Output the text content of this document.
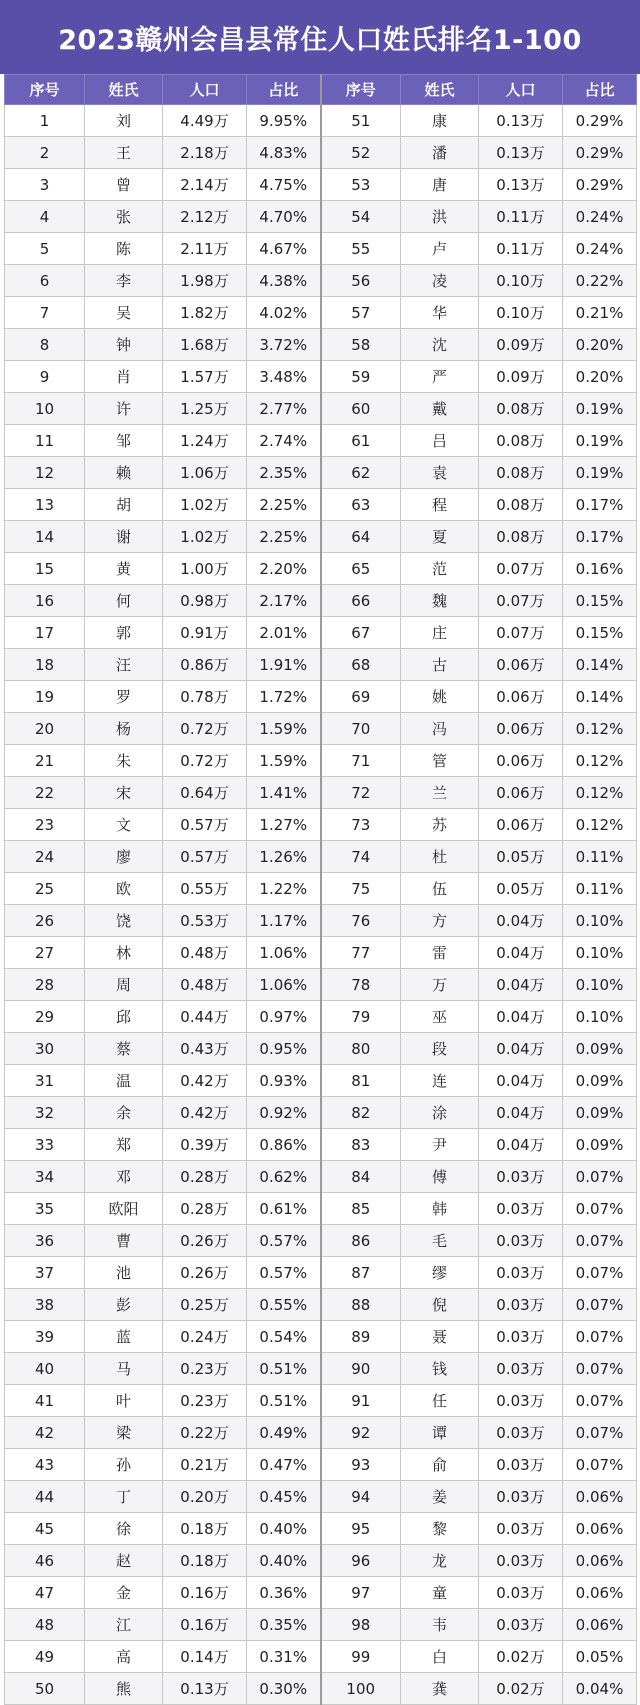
2023赣州会昌县常住人口姓氏排名1-100
序号	姓氏	人口	占比	序号	姓氏	人口	占比
1	刘	4.49万	9.95%	51	康	0.13万	0.29%
2	王	2.18万	4.83%	52	潘	0.13万	0.29%
3	曾	2.14万	4.75%	53	唐	0.13万	0.29%
4	张	2.12万	4.70%	54	洪	0.11万	0.24%
5	陈	2.11万	4.67%	55	卢	0.11万	0.24%
6	李	1.98万	4.38%	56	凌	0.10万	0.22%
7	吴	1.82万	4.02%	57	华	0.10万	0.21%
8	钟	1.68万	3.72%	58	沈	0.09万	0.20%
9	肖	1.57万	3.48%	59	严	0.09万	0.20%
10	许	1.25万	2.77%	60	戴	0.08万	0.19%
11	邹	1.24万	2.74%	61	吕	0.08万	0.19%
12	赖	1.06万	2.35%	62	袁	0.08万	0.19%
13	胡	1.02万	2.25%	63	程	0.08万	0.17%
14	谢	1.02万	2.25%	64	夏	0.08万	0.17%
15	黄	1.00万	2.20%	65	范	0.07万	0.16%
16	何	0.98万	2.17%	66	魏	0.07万	0.15%
17	郭	0.91万	2.01%	67	庄	0.07万	0.15%
18	汪	0.86万	1.91%	68	古	0.06万	0.14%
19	罗	0.78万	1.72%	69	姚	0.06万	0.14%
20	杨	0.72万	1.59%	70	冯	0.06万	0.12%
21	朱	0.72万	1.59%	71	管	0.06万	0.12%
22	宋	0.64万	1.41%	72	兰	0.06万	0.12%
23	文	0.57万	1.27%	73	苏	0.06万	0.12%
24	廖	0.57万	1.26%	74	杜	0.05万	0.11%
25	欧	0.55万	1.22%	75	伍	0.05万	0.11%
26	饶	0.53万	1.17%	76	方	0.04万	0.10%
27	林	0.48万	1.06%	77	雷	0.04万	0.10%
28	周	0.48万	1.06%	78	万	0.04万	0.10%
29	邱	0.44万	0.97%	79	巫	0.04万	0.10%
30	蔡	0.43万	0.95%	80	段	0.04万	0.09%
31	温	0.42万	0.93%	81	连	0.04万	0.09%
32	余	0.42万	0.92%	82	涂	0.04万	0.09%
33	郑	0.39万	0.86%	83	尹	0.04万	0.09%
34	邓	0.28万	0.62%	84	傅	0.03万	0.07%
35	欧阳	0.28万	0.61%	85	韩	0.03万	0.07%
36	曹	0.26万	0.57%	86	毛	0.03万	0.07%
37	池	0.26万	0.57%	87	缪	0.03万	0.07%
38	彭	0.25万	0.55%	88	倪	0.03万	0.07%
39	蓝	0.24万	0.54%	89	聂	0.03万	0.07%
40	马	0.23万	0.51%	90	钱	0.03万	0.07%
41	叶	0.23万	0.51%	91	任	0.03万	0.07%
42	梁	0.22万	0.49%	92	谭	0.03万	0.07%
43	孙	0.21万	0.47%	93	俞	0.03万	0.07%
44	丁	0.20万	0.45%	94	姜	0.03万	0.06%
45	徐	0.18万	0.40%	95	黎	0.03万	0.06%
46	赵	0.18万	0.40%	96	龙	0.03万	0.06%
47	金	0.16万	0.36%	97	童	0.03万	0.06%
48	江	0.16万	0.35%	98	韦	0.03万	0.06%
49	高	0.14万	0.31%	99	白	0.02万	0.05%
50	熊	0.13万	0.30%	100	龚	0.02万	0.04%
